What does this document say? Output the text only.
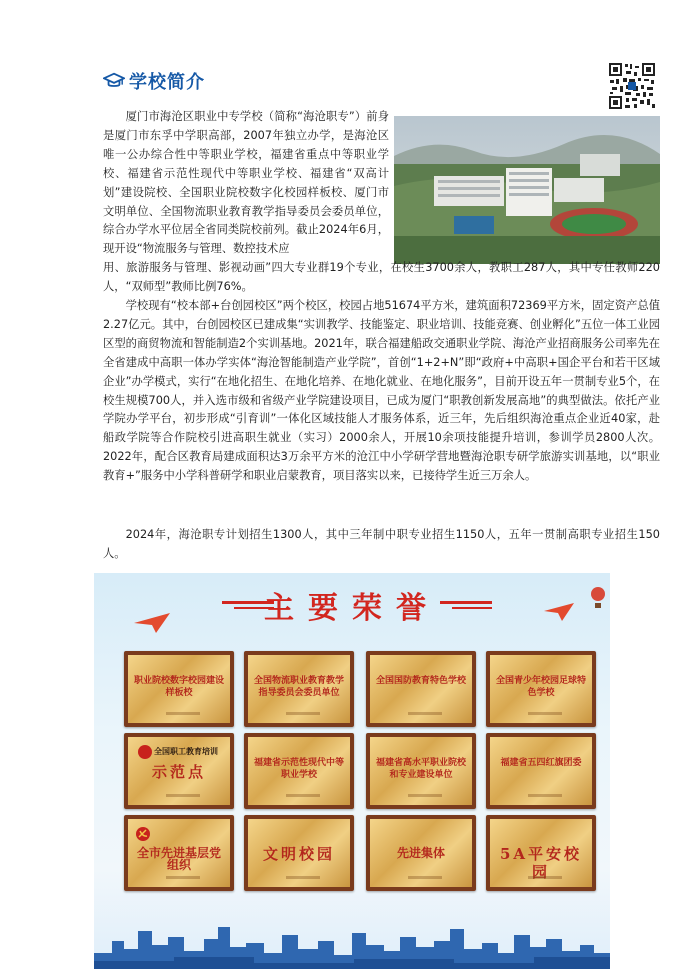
学校简介

厦门市海沧区职业中专学校（简称“海沧职专”）前身是厦门市东孚中学职高部，2007年独立办学，是海沧区唯一公办综合性中等职业学校，福建省重点中等职业学校、福建省示范性现代中等职业学校、福建省“双高计划”建设院校、全国职业院校数字化校园样板校、厦门市文明单位、全国物流职业教育教学指导委员会委员单位，综合办学水平位居全省同类院校前列。截止2024年6月，现开设“物流服务与管理、数控技术应

用、旅游服务与管理、影视动画”四大专业群19个专业，在校生3700余人，教职工287人，其中专任教师220人，“双师型”教师比例76%。

学校现有“校本部+台创园校区”两个校区，校园占地51674平方米，建筑面积72369平方米，固定资产总值2.27亿元。其中，台创园校区已建成集“实训教学、技能鉴定、职业培训、技能竞赛、创业孵化”五位一体工业园区型的商贸物流和智能制造2个实训基地。2021年，联合福建船政交通职业学院、海沧产业招商服务公司率先在全省建成中高职一体办学实体“海沧智能制造产业学院”，首创“1+2+N”即“政府+中高职+国企平台和若干区域企业”办学模式，实行“在地化招生、在地化培养、在地化就业、在地化服务”，目前开设五年一贯制专业5个，在校生规模700人，并入选市级和省级产业学院建设项目，已成为厦门“职教创新发展高地”的典型做法。依托产业学院办学平台，初步形成“引育训”一体化区域技能人才服务体系，近三年，先后组织海沧重点企业近40家，赴船政学院等合作院校引进高职生就业（实习）2000余人，开展10余项技能提升培训，参训学员2800人次。2022年，配合区教育局建成面积达3万余平方米的沧江中小学研学营地暨海沧职专研学旅游实训基地，以“职业教育+”服务中小学科普研学和职业启蒙教育，项目落实以来，已接待学生近三万余人。

2024年，海沧职专计划招生1300人，其中三年制中职专业招生1150人，五年一贯制高职专业招生150人。

主要荣誉
职业院校数字校园建设样板校
全国物流职业教育教学指导委员会委员单位
全国国防教育特色学校	全国青少年校园足球特色学校
全国职工教育培训
示范点	福建省示范性现代中等职业学校
福建省高水平职业院校和专业建设单位
福建省五四红旗团委
全市先进基层党组织
文明校园	先进集体	5A平安校园
